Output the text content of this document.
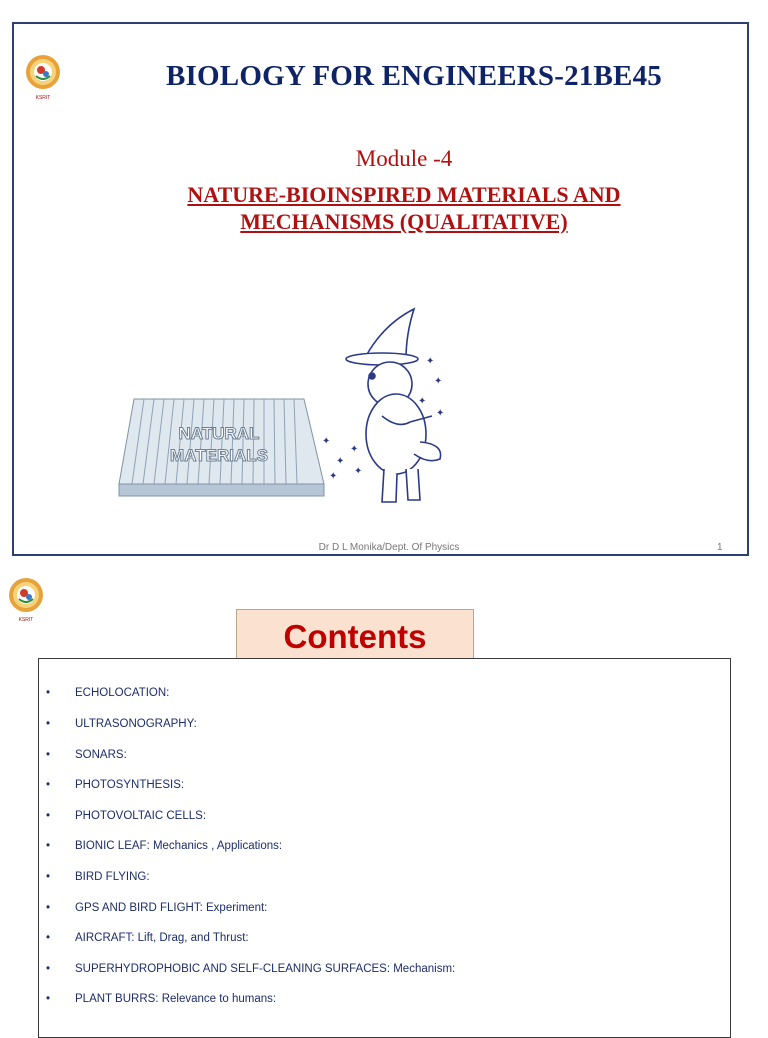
KSRIT
BIOLOGY FOR ENGINEERS-21BE45
Module -4
NATURE-BIOINSPIRED MATERIALS AND
MECHANISMS (QUALITATIVE)
NATURAL
MATERIALS
✦
✦
✦
✦ ✦
✦
✦
✦
✦
Dr D L Monika/Dept. Of Physics	1
KSRIT	Contents
• ECHOLOCATION:
• ULTRASONOGRAPHY:
• SONARS:
• PHOTOSYNTHESIS:
• PHOTOVOLTAIC CELLS:
• BIONIC LEAF: Mechanics , Applications:
• BIRD FLYING:
• GPS AND BIRD FLIGHT: Experiment:
• AIRCRAFT: Lift, Drag, and Thrust:
• SUPERHYDROPHOBIC AND SELF-CLEANING SURFACES: Mechanism:
• PLANT BURRS: Relevance to humans:
